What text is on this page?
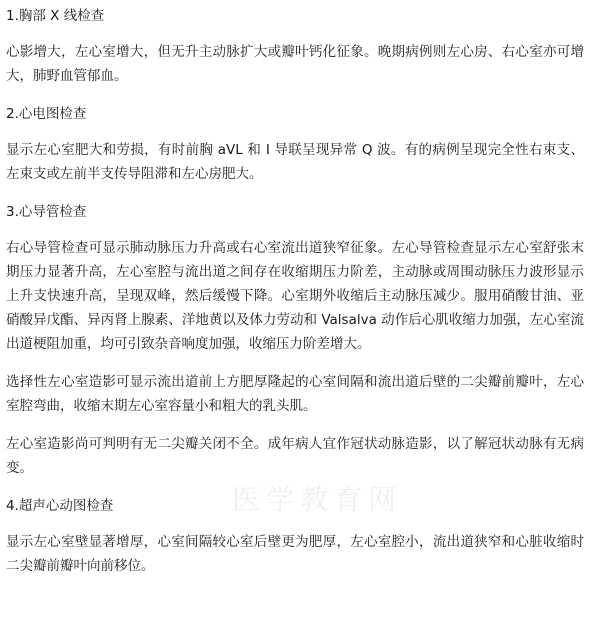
1.胸部 X 线检查
心影增大，左心室增大，但无升主动脉扩大或瓣叶钙化征象。晚期病例则左心房、右心室亦可增大，肺野血管郁血。
2.心电图检查
显示左心室肥大和劳损，有时前胸 aVL 和 I 导联呈现异常 Q 波。有的病例呈现完全性右束支、左束支或左前半支传导阻滞和左心房肥大。
3.心导管检查
右心导管检查可显示肺动脉压力升高或右心室流出道狭窄征象。左心导管检查显示左心室舒张末期压力显著升高，左心室腔与流出道之间存在收缩期压力阶差，主动脉或周围动脉压力波形显示上升支快速升高，呈现双峰，然后缓慢下降。心室期外收缩后主动脉压减少。服用硝酸甘油、亚硝酸异戊酯、异丙肾上腺素、洋地黄以及体力劳动和 Valsalva 动作后心肌收缩力加强，左心室流出道梗阻加重，均可引致杂音响度加强，收缩压力阶差增大。
选择性左心室造影可显示流出道前上方肥厚隆起的心室间隔和流出道后壁的二尖瓣前瓣叶，左心室腔弯曲，收缩末期左心室容量小和粗大的乳头肌。
左心室造影尚可判明有无二尖瓣关闭不全。成年病人宜作冠状动脉造影，以了解冠状动脉有无病变。
4.超声心动图检查
显示左心室壁显著增厚，心室间隔较心室后壁更为肥厚，左心室腔小，流出道狭窄和心脏收缩时二尖瓣前瓣叶向前移位。
医学教育网
